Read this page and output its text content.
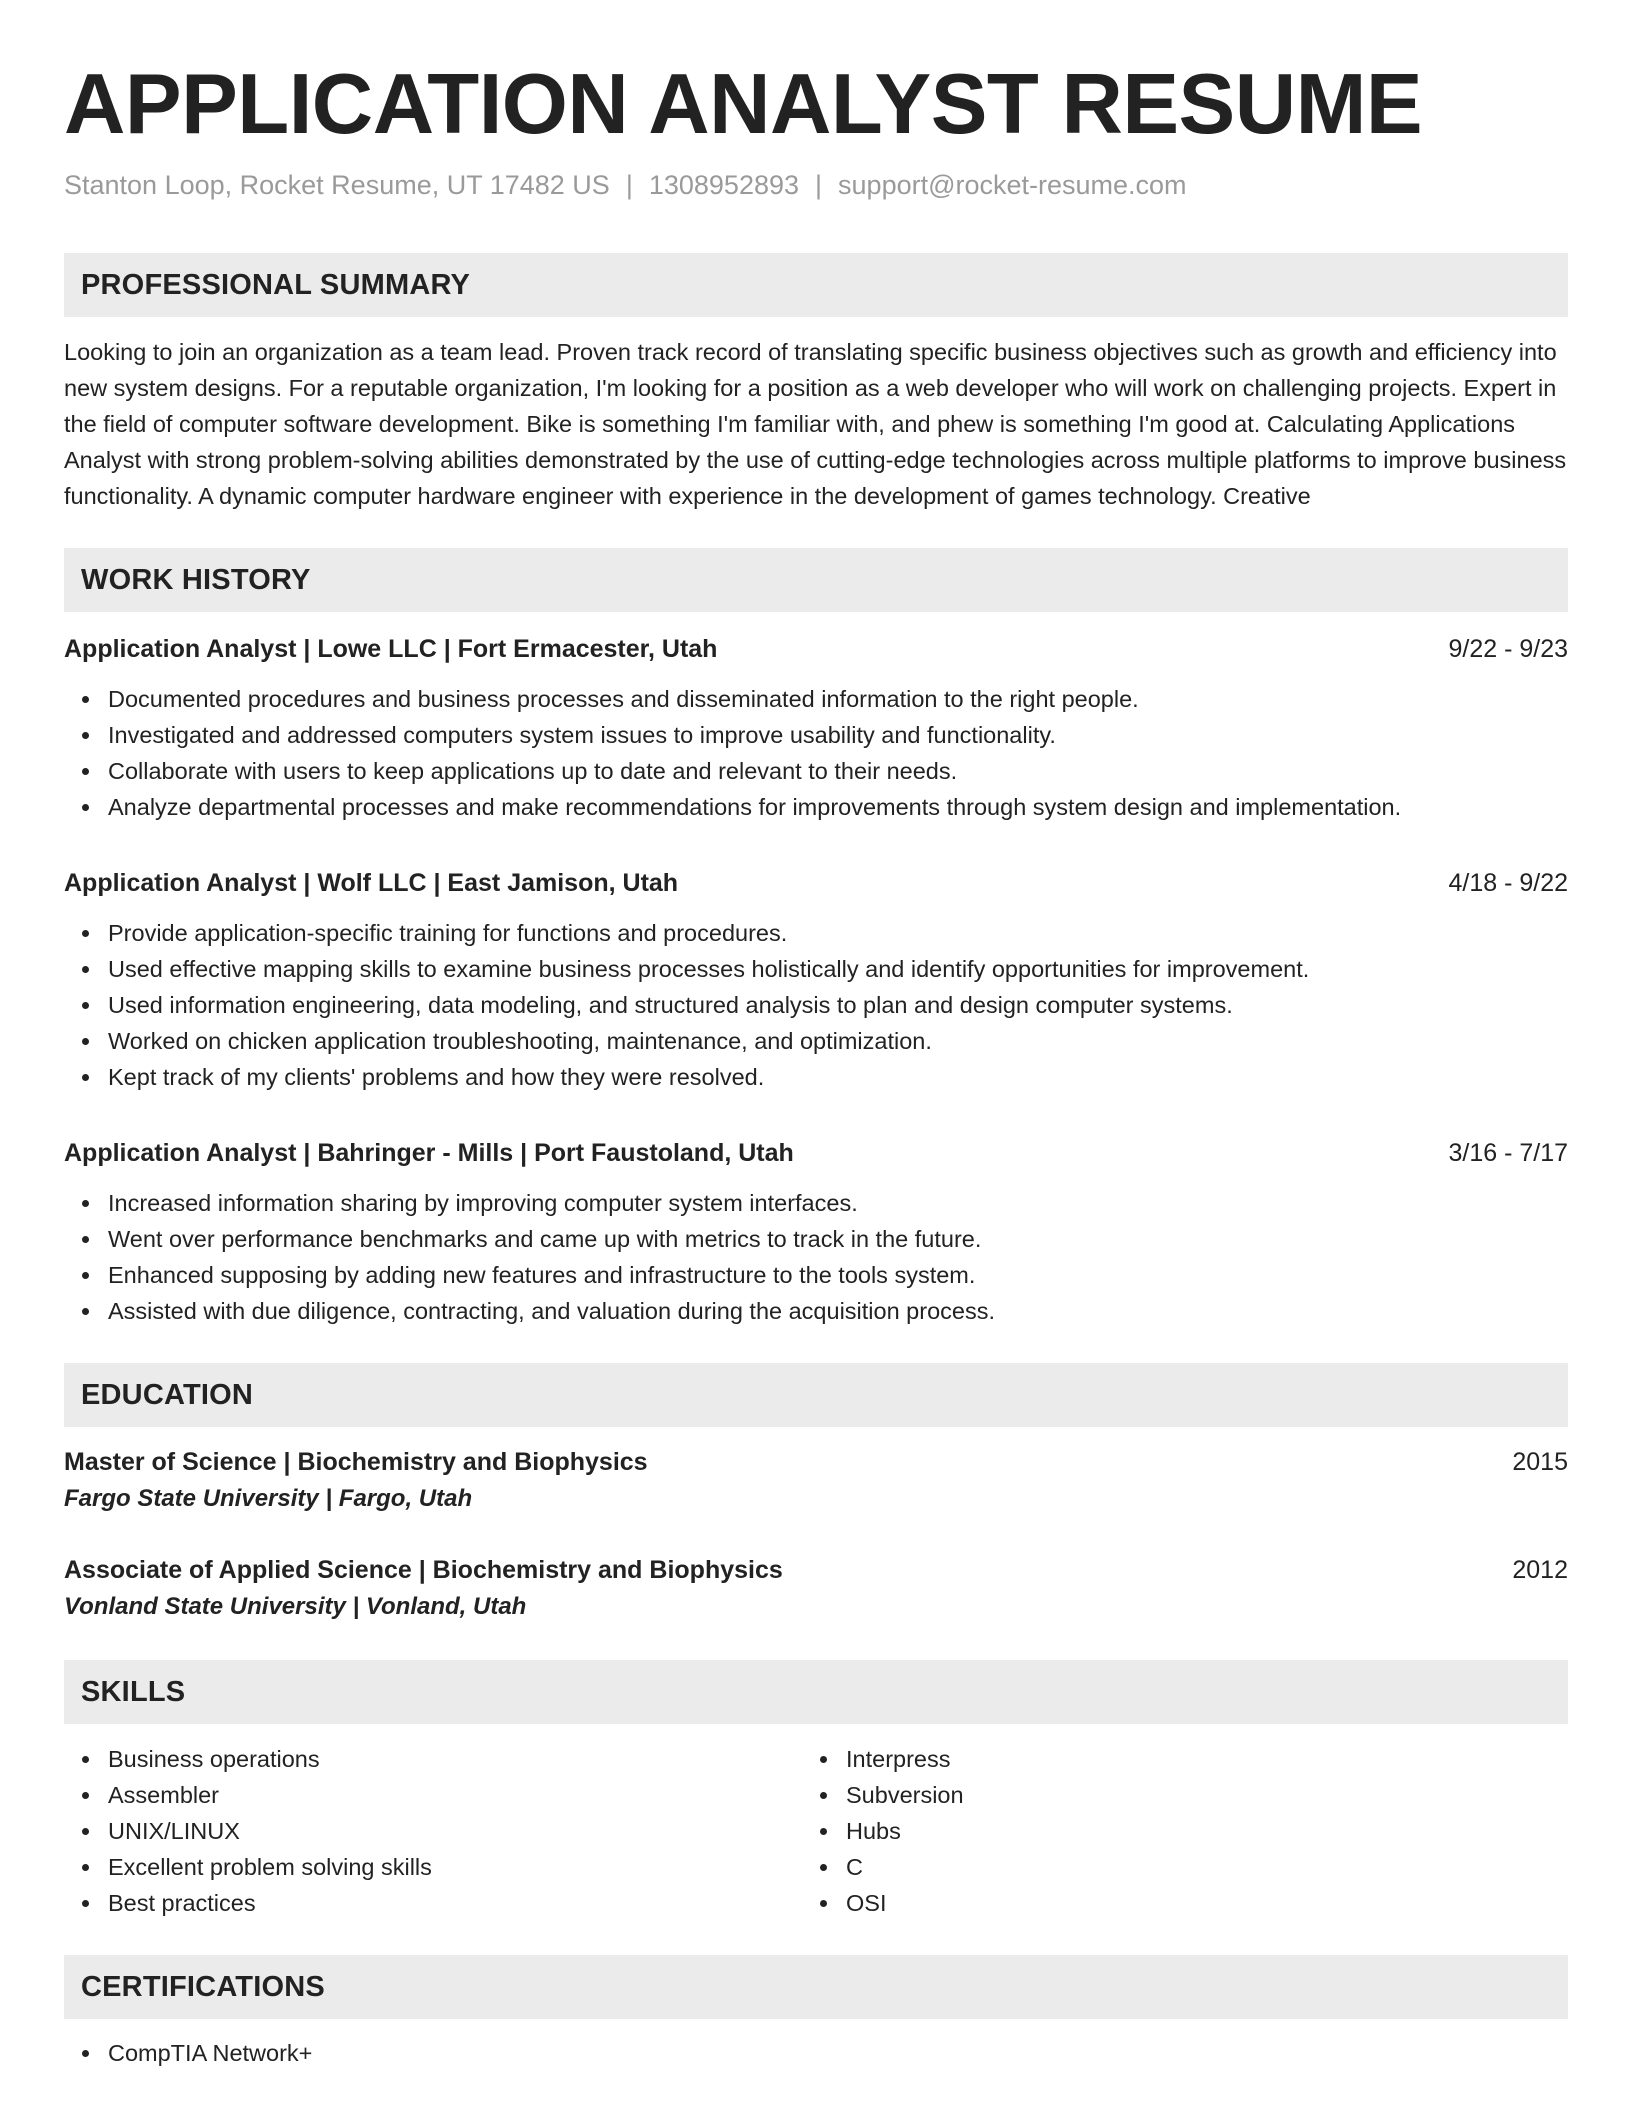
APPLICATION ANALYST RESUME
Stanton Loop, Rocket Resume, UT 17482 US | 1308952893 | support@rocket-resume.com
PROFESSIONAL SUMMARY
Looking to join an organization as a team lead. Proven track record of translating specific business objectives such as growth and efficiency into new system designs. For a reputable organization, I'm looking for a position as a web developer who will work on challenging projects. Expert in the field of computer software development. Bike is something I'm familiar with, and phew is something I'm good at. Calculating Applications Analyst with strong problem-solving abilities demonstrated by the use of cutting-edge technologies across multiple platforms to improve business functionality. A dynamic computer hardware engineer with experience in the development of games technology. Creative
WORK HISTORY
Application Analyst | Lowe LLC | Fort Ermacester, Utah	9/22 - 9/23
Documented procedures and business processes and disseminated information to the right people.
Investigated and addressed computers system issues to improve usability and functionality.
Collaborate with users to keep applications up to date and relevant to their needs.
Analyze departmental processes and make recommendations for improvements through system design and implementation.
Application Analyst | Wolf LLC | East Jamison, Utah	4/18 - 9/22
Provide application-specific training for functions and procedures.
Used effective mapping skills to examine business processes holistically and identify opportunities for improvement.
Used information engineering, data modeling, and structured analysis to plan and design computer systems.
Worked on chicken application troubleshooting, maintenance, and optimization.
Kept track of my clients' problems and how they were resolved.
Application Analyst | Bahringer - Mills | Port Faustoland, Utah	3/16 - 7/17
Increased information sharing by improving computer system interfaces.
Went over performance benchmarks and came up with metrics to track in the future.
Enhanced supposing by adding new features and infrastructure to the tools system.
Assisted with due diligence, contracting, and valuation during the acquisition process.
EDUCATION
Master of Science | Biochemistry and Biophysics	2015
Fargo State University | Fargo, Utah
Associate of Applied Science | Biochemistry and Biophysics	2012
Vonland State University | Vonland, Utah
SKILLS
Business operations
Assembler
UNIX/LINUX
Excellent problem solving skills
Best practices
Interpress
Subversion
Hubs
C
OSI
CERTIFICATIONS
CompTIA Network+
